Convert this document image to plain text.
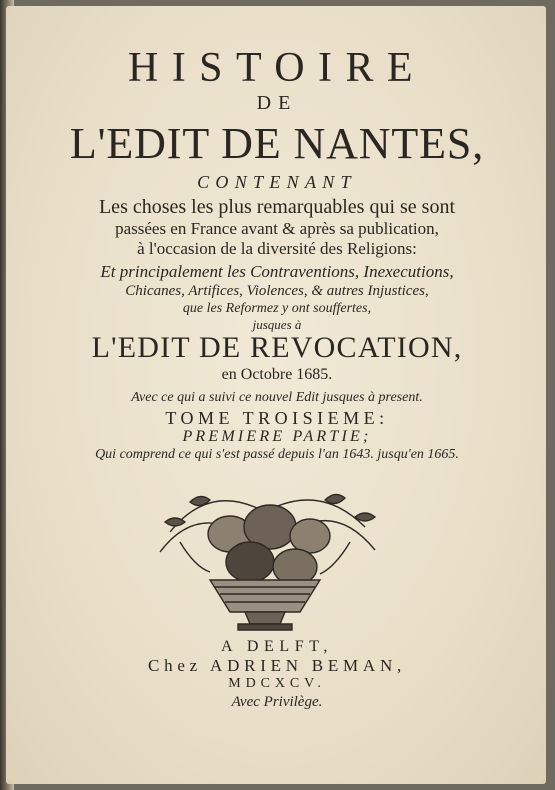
HISTOIRE
DE
L'EDIT DE NANTES,
CONTENANT
Les choses les plus remarquables qui se sont
passées en France avant & après sa publication,
à l'occasion de la diversité des Religions:
Et principalement les Contraventions, Inexecutions,
Chicanes, Artifices, Violences, & autres Injustices,
que les Reformez y ont souffertes,
jusques à
L'EDIT DE REVOCATION,
en Octobre 1685.
Avec ce qui a suivi ce nouvel Edit jusques à present.
TOME TROISIEME:
PREMIERE PARTIE;
Qui comprend ce qui s'est passé depuis l'an 1643. jusqu'en 1665.
A DELFT,
Chez ADRIEN BEMAN,
MDCXCV.
Avec Privilège.
